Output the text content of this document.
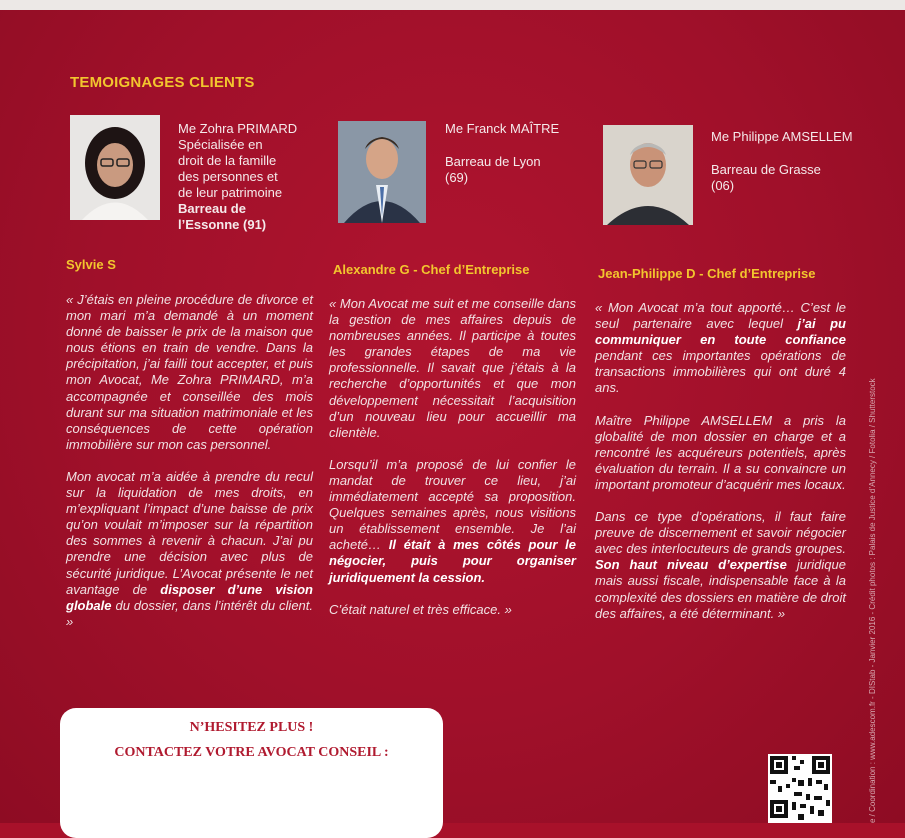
TEMOIGNAGES CLIENTS
Me Zohra PRIMARD
Spécialisée en
droit de la famille
des personnes et
de leur patrimoine
Barreau de
l’Essonne (91)
Me Franck MAÎTRE
Barreau de Lyon
(69)
Me Philippe AMSELLEM
Barreau de Grasse
(06)
Sylvie S	Alexandre G - Chef d’Entreprise	Jean-Philippe D - Chef d’Entreprise

« J’étais en pleine procédure de divorce et mon mari m’a demandé à un moment donné de baisser le prix de la maison que nous étions en train de vendre. Dans la précipitation, j’ai failli tout accepter, et puis mon Avocat, Me Zohra PRIMARD, m’a accompagnée et conseillée des mois durant sur ma situation matrimoniale et les conséquences de cette opération immobilière sur mon cas personnel.

Mon avocat m’a aidée à prendre du recul sur la liquidation de mes droits, en m’expliquant l’impact d’une baisse de prix qu’on voulait m’imposer sur la répartition des sommes à revenir à chacun. J’ai pu prendre une décision avec plus de sécurité juridique. L’Avocat présente le net avantage de disposer d’une vision globale du dossier, dans l’intérêt du client. »

« Mon Avocat me suit et me conseille dans la gestion de mes affaires depuis de nombreuses années. Il participe à toutes les grandes étapes de ma vie professionnelle. Il savait que j’étais à la recherche d’opportunités et que mon développement nécessitait l’acquisition d’un nouveau lieu pour accueillir ma clientèle.

Lorsqu’il m’a proposé de lui confier le mandat de trouver ce lieu, j’ai immédiatement accepté sa proposition. Quelques semaines après, nous visitions un établissement ensemble. Je l’ai acheté… Il était à mes côtés pour le négocier, puis pour organiser juridiquement la cession.

C’était naturel et très efficace. »

« Mon Avocat m’a tout apporté… C’est le seul partenaire avec lequel j’ai pu communiquer en toute confiance pendant ces importantes opérations de transactions immobilières qui ont duré 4 ans.

Maître Philippe AMSELLEM a pris la globalité de mon dossier en charge et a rencontré les acquéreurs potentiels, après évaluation du terrain. Il a su convaincre un important promoteur d’acquérir mes locaux.

Dans ce type d’opérations, il faut faire preuve de discernement et savoir négocier avec des interlocuteurs de grands groupes. Son haut niveau d’expertise juridique mais aussi fiscale, indispensable face à la complexité des dossiers en matière de droit des affaires, a été déterminant. »

N’HESITEZ PLUS !
CONTACTEZ VOTRE AVOCAT CONSEIL :	e / Coordination : www.adescom.fr - DIStab - Janvier 2016 - Crédit photos : Palais de Justice d’Annecy / Fotolia / Shutterstock
